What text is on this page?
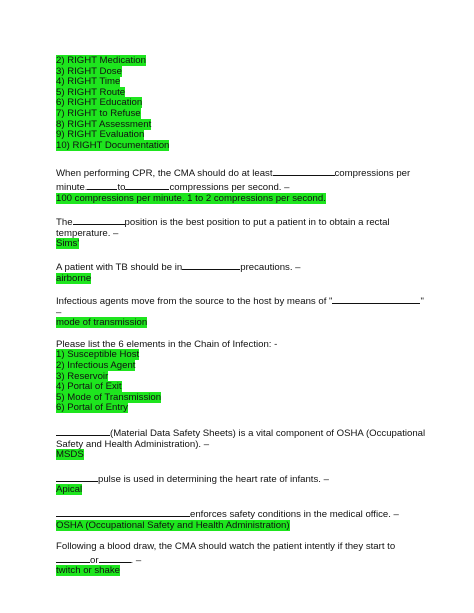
2) RIGHT Medication
3) RIGHT Dose
4) RIGHT Time
5) RIGHT Route
6) RIGHT Education
7) RIGHT to Refuse
8) RIGHT Assessment
9) RIGHT Evaluation
10) RIGHT Documentation
When performing CPR, the CMA should do at least	compressions per
minute.	to	compressions per second. –
100 compressions per minute. 1 to 2 compressions per second.
The	position is the best position to put a patient in to obtain a rectal
temperature. –
Sims'
A patient with TB should be in	precautions. –
airborne
Infectious agents move from the source to the host by means of "	"
–
mode of transmission
Please list the 6 elements in the Chain of Infection: -
1) Susceptible Host
2) Infectious Agent
3) Reservoir
4) Portal of Exit
5) Mode of Transmission
6) Portal of Entry
(Material Data Safety Sheets) is a vital component of OSHA (Occupational
Safety and Health Administration). –
MSDS
pulse is used in determining the heart rate of infants. –
Apical
enforces safety conditions in the medical office. –
OSHA (Occupational Safety and Health Administration)
Following a blood draw, the CMA should watch the patient intently if they start to
or	. –
twitch or shake
